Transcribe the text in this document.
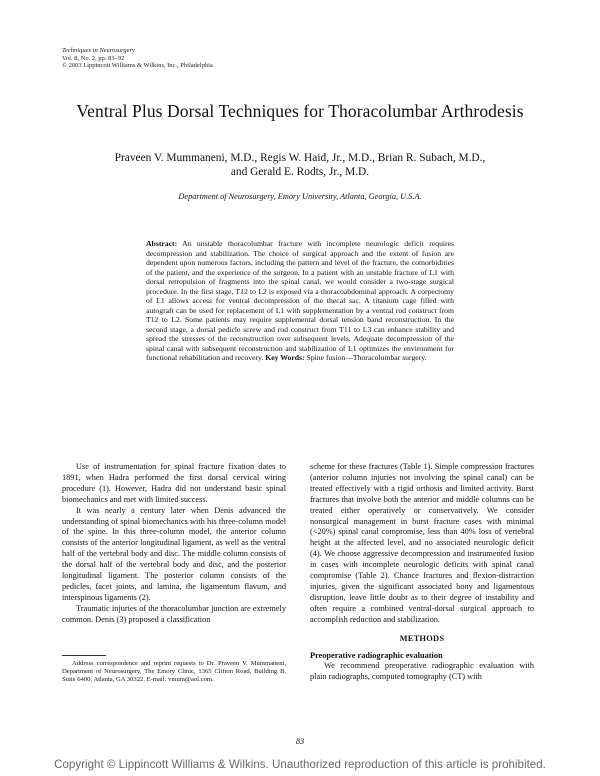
Techniques in Neurosurgery
Vol. 8, No. 2, pp. 83–92
© 2003 Lippincott Williams & Wilkins, Inc., Philadelphia
Ventral Plus Dorsal Techniques for Thoracolumbar Arthrodesis
Praveen V. Mummaneni, M.D., Regis W. Haid, Jr., M.D., Brian R. Subach, M.D.,
and Gerald E. Rodts, Jr., M.D.
Department of Neurosurgery, Emory University, Atlanta, Georgia, U.S.A.
Abstract: An unstable thoracolumbar fracture with incomplete neurologic deficit requires decompression and stabilization. The choice of surgical approach and the extent of fusion are dependent upon numerous factors, including the pattern and level of the fracture, the comorbidities of the patient, and the experience of the surgeon. In a patient with an unstable fracture of L1 with dorsal retropulsion of fragments into the spinal canal, we would consider a two-stage surgical procedure. In the first stage, T12 to L2 is exposed via a thoracoabdominal approach. A corpectomy of L1 allows access for ventral decompression of the thecal sac. A titanium cage filled with autograft can be used for replacement of L1 with supplementation by a ventral rod construct from T12 to L2. Some patients may require supplemental dorsal tension band reconstruction. In the second stage, a dorsal pedicle screw and rod construct from T11 to L3 can enhance stability and spread the stresses of the reconstruction over subsequent levels. Adequate decompression of the spinal canal with subsequent reconstruction and stabilization of L1 optimizes the environment for functional rehabilitation and recovery. Key Words: Spine fusion—Thoracolumbar surgery.

Use of instrumentation for spinal fracture fixation dates to 1891, when Hadra performed the first dorsal cervical wiring procedure (1). However, Hadra did not understand basic spinal biomechanics and met with limited success.

It was nearly a century later when Denis advanced the understanding of spinal biomechanics with his three-column model of the spine. In this three-column model, the anterior column consists of the anterior longitudinal ligament, as well as the ventral half of the vertebral body and disc. The middle column consists of the dorsal half of the vertebral body and disc, and the posterior longitudinal ligament. The posterior column consists of the pedicles, facet joints, and lamina, the ligamentum flavum, and interspinous ligaments (2).

Traumatic injuries of the thoracolumbar junction are extremely common. Denis (3) proposed a classification

Address correspondence and reprint requests to Dr. Praveen V. Mummaneni, Department of Neurosurgery, The Emory Clinic, 1365 Clifton Road, Building B, Suite 6400, Atlanta, GA 30322. E-mail: vmum@aol.com.

scheme for these fractures (Table 1). Simple compression fractures (anterior column injuries not involving the spinal canal) can be treated effectively with a rigid orthosis and limited activity. Burst fractures that involve both the anterior and middle columns can be treated either operatively or conservatively. We consider nonsurgical management in burst fracture cases with minimal (<20%) spinal canal compromise, less than 40% loss of vertebral height at the affected level, and no associated neurologic deficit (4). We choose aggressive decompression and instrumented fusion in cases with incomplete neurologic deficits with spinal canal compromise (Table 2). Chance fractures and flexion-distraction injuries, given the significant associated bony and ligamentous disruption, leave little doubt as to their degree of instability and often require a combined ventral-dorsal surgical approach to accomplish reduction and stabilization.

METHODS

Preoperative radiographic evaluation

We recommend preoperative radiographic evaluation with plain radiographs, computed tomography (CT) with

83
Copyright © Lippincott Williams & Wilkins. Unauthorized reproduction of this article is prohibited.
